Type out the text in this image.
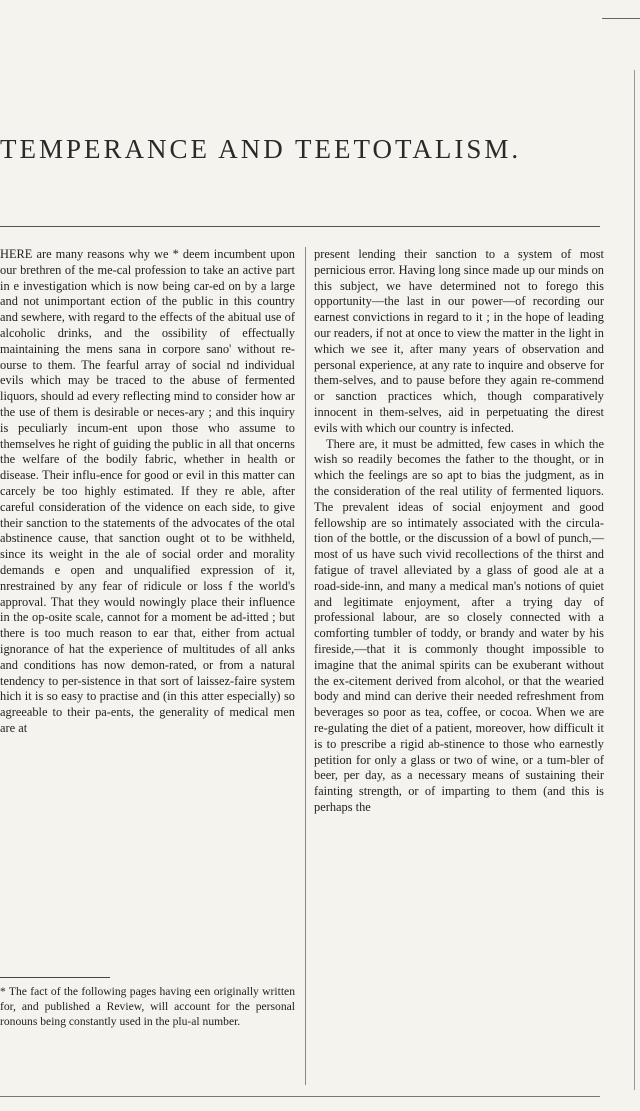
TEMPERANCE AND TEETOTALISM.

HERE are many reasons why we * deem incumbent upon our brethren of the me-cal profession to take an active part in e investigation which is now being car-ed on by a large and not unimportant ection of the public in this country and sewhere, with regard to the effects of the abitual use of alcoholic drinks, and the ossibility of effectually maintaining the mens sana in corpore sano' without re-ourse to them. The fearful array of social nd individual evils which may be traced to the abuse of fermented liquors, should ad every reflecting mind to consider how ar the use of them is desirable or neces-ary ; and this inquiry is peculiarly incum-ent upon those who assume to themselves he right of guiding the public in all that oncerns the welfare of the bodily fabric, whether in health or disease. Their influ-ence for good or evil in this matter can carcely be too highly estimated. If they re able, after careful consideration of the vidence on each side, to give their sanction to the statements of the advocates of the otal abstinence cause, that sanction ought ot to be withheld, since its weight in the ale of social order and morality demands e open and unqualified expression of it, nrestrained by any fear of ridicule or loss f the world's approval. That they would nowingly place their influence in the op-osite scale, cannot for a moment be ad-itted ; but there is too much reason to ear that, either from actual ignorance of hat the experience of multitudes of all anks and conditions has now demon-rated, or from a natural tendency to per-sistence in that sort of laissez-faire system hich it is so easy to practise and (in this atter especially) so agreeable to their pa-ents, the generality of medical men are at

present lending their sanction to a system of most pernicious error. Having long since made up our minds on this subject, we have determined not to forego this opportunity—the last in our power—of recording our earnest convictions in regard to it ; in the hope of leading our readers, if not at once to view the matter in the light in which we see it, after many years of observation and personal experience, at any rate to inquire and observe for them-selves, and to pause before they again re-commend or sanction practices which, though comparatively innocent in them-selves, aid in perpetuating the direst evils with which our country is infected.

There are, it must be admitted, few cases in which the wish so readily becomes the father to the thought, or in which the feelings are so apt to bias the judgment, as in the consideration of the real utility of fermented liquors. The prevalent ideas of social enjoyment and good fellowship are so intimately associated with the circula-tion of the bottle, or the discussion of a bowl of punch,—most of us have such vivid recollections of the thirst and fatigue of travel alleviated by a glass of good ale at a road-side-inn, and many a medical man's notions of quiet and legitimate enjoyment, after a trying day of professional labour, are so closely connected with a comforting tumbler of toddy, or brandy and water by his fireside,—that it is commonly thought impossible to imagine that the animal spirits can be exuberant without the ex-citement derived from alcohol, or that the wearied body and mind can derive their needed refreshment from beverages so poor as tea, coffee, or cocoa. When we are re-gulating the diet of a patient, moreover, how difficult it is to prescribe a rigid ab-stinence to those who earnestly petition for only a glass or two of wine, or a tum-bler of beer, per day, as a necessary means of sustaining their fainting strength, or of imparting to them (and this is perhaps the

* The fact of the following pages having een originally written for, and published a Review, will account for the personal ronouns being constantly used in the plu-al number.
